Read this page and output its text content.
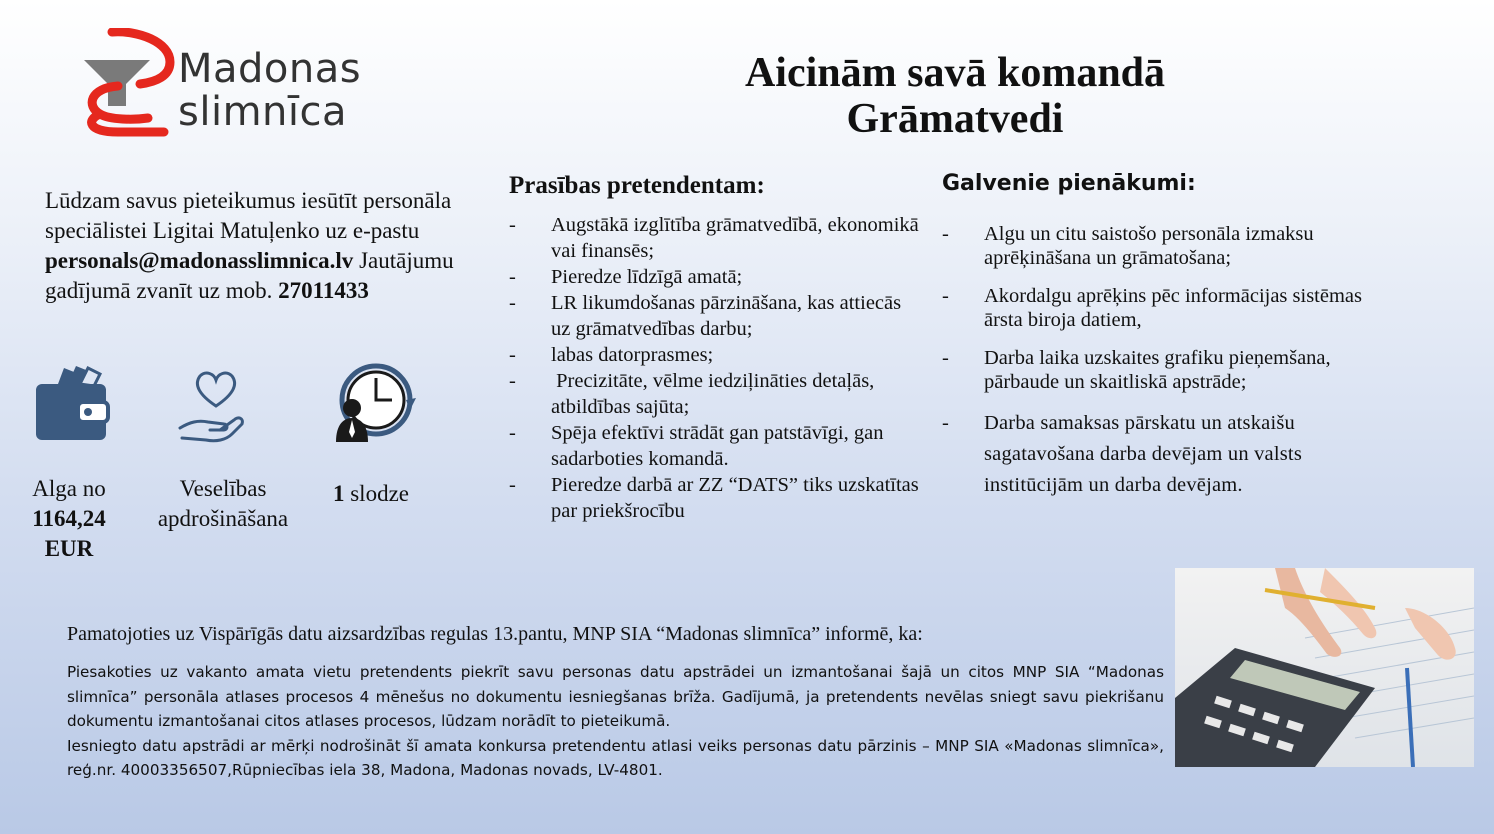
Madonas
slimnīca
Aicinām savā komandā
Grāmatvedi
Lūdzam savus pieteikumus iesūtīt personāla speciālistei Ligitai Matuļenko uz e-pastu personals@madonasslimnica.lv Jautājumu gadījumā zvanīt uz mob. 27011433
Alga no
1164,24
EUR
Veselības
apdrošināšana
1 slodze
Prasības pretendentam:
- Augstākā izglītība grāmatvedībā, ekonomikā vai finansēs;
- Pieredze līdzīgā amatā;
- LR likumdošanas pārzināšana, kas attiecās uz grāmatvedības darbu;
- labas datorprasmes;
-  Precizitāte, vēlme iedziļināties detaļās, atbildības sajūta;
- Spēja efektīvi strādāt gan patstāvīgi, gan sadarboties komandā.
- Pieredze darbā ar ZZ “DATS” tiks uzskatītas par priekšrocību
Galvenie pienākumi:
- Algu un citu saistošo personāla izmaksu aprēķināšana un grāmatošana;
- Akordalgu aprēķins pēc informācijas sistēmas ārsta biroja datiem,
- Darba laika uzskaites grafiku pieņemšana, pārbaude un skaitliskā apstrāde;
- Darba samaksas pārskatu un atskaišu sagatavošana darba devējam un valsts institūcijām un darba devējam.
Pamatojoties uz Vispārīgās datu aizsardzības regulas 13.pantu, MNP SIA “Madonas slimnīca” informē, ka:

Piesakoties uz vakanto amata vietu pretendents piekrīt savu personas datu apstrādei un izmantošanai šajā un citos MNP SIA “Madonas slimnīca” personāla atlases procesos 4 mēnešus no dokumentu iesniegšanas brīža. Gadījumā, ja pretendents nevēlas sniegt savu piekrišanu dokumentu izmantošanai citos atlases procesos, lūdzam norādīt to pieteikumā.

Iesniegto datu apstrādi ar mērķi nodrošināt šī amata konkursa pretendentu atlasi veiks personas datu pārzinis – MNP SIA «Madonas slimnīca», reģ.nr. 40003356507,Rūpniecības iela 38, Madona, Madonas novads, LV-4801.
